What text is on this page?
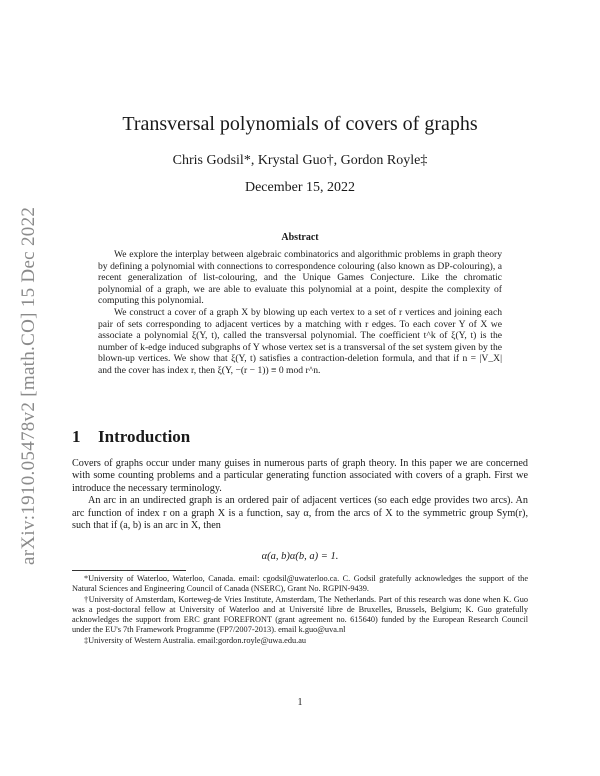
arXiv:1910.05478v2 [math.CO] 15 Dec 2022
Transversal polynomials of covers of graphs
Chris Godsil*, Krystal Guo†, Gordon Royle‡
December 15, 2022
Abstract

We explore the interplay between algebraic combinatorics and algorithmic problems in graph theory by defining a polynomial with connections to correspondence colouring (also known as DP-colouring), a recent generalization of list-colouring, and the Unique Games Conjecture. Like the chromatic polynomial of a graph, we are able to evaluate this polynomial at a point, despite the complexity of computing this polynomial.

We construct a cover of a graph X by blowing up each vertex to a set of r vertices and joining each pair of sets corresponding to adjacent vertices by a matching with r edges. To each cover Y of X we associate a polynomial ξ(Y, t), called the transversal polynomial. The coefficient t^k of ξ(Y, t) is the number of k-edge induced subgraphs of Y whose vertex set is a transversal of the set system given by the blown-up vertices. We show that ξ(Y, t) satisfies a contraction-deletion formula, and that if n = |V_X| and the cover has index r, then ξ(Y, −(r − 1)) ≡ 0 mod r^n.

1 Introduction

Covers of graphs occur under many guises in numerous parts of graph theory. In this paper we are concerned with some counting problems and a particular generating function associated with covers of a graph. First we introduce the necessary terminology.

An arc in an undirected graph is an ordered pair of adjacent vertices (so each edge provides two arcs). An arc function of index r on a graph X is a function, say α, from the arcs of X to the symmetric group Sym(r), such that if (a, b) is an arc in X, then

α(a, b)α(b, a) = 1.

*University of Waterloo, Waterloo, Canada. email: cgodsil@uwaterloo.ca. C. Godsil gratefully acknowledges the support of the Natural Sciences and Engineering Council of Canada (NSERC), Grant No. RGPIN-9439.

†University of Amsterdam, Korteweg-de Vries Institute, Amsterdam, The Netherlands. Part of this research was done when K. Guo was a post-doctoral fellow at University of Waterloo and at Université libre de Bruxelles, Brussels, Belgium; K. Guo gratefully acknowledges the support from ERC grant FOREFRONT (grant agreement no. 615640) funded by the European Research Council under the EU's 7th Framework Programme (FP7/2007-2013). email k.guo@uva.nl

‡University of Western Australia. email:gordon.royle@uwa.edu.au

1
